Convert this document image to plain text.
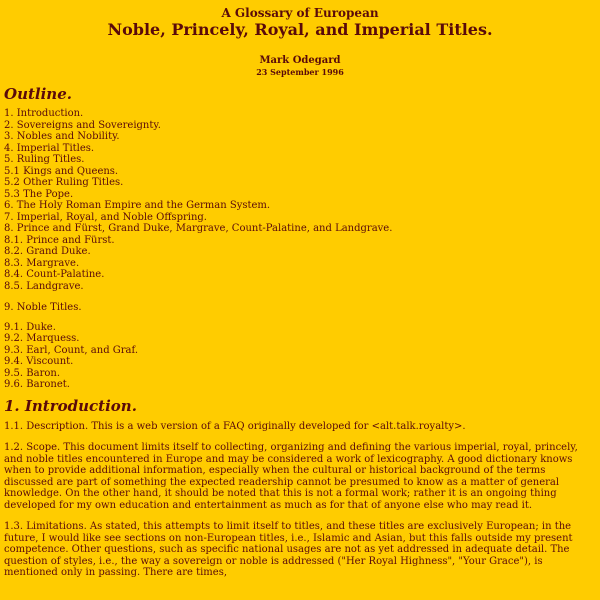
A Glossary of European
Noble, Princely, Royal, and Imperial Titles.
Mark Odegard
23 September 1996
Outline.
1. Introduction.
2. Sovereigns and Sovereignty.
3. Nobles and Nobility.
4. Imperial Titles.
5. Ruling Titles.
5.1 Kings and Queens.
5.2 Other Ruling Titles.
5.3 The Pope.
6. The Holy Roman Empire and the German System.
7. Imperial, Royal, and Noble Offspring.
8. Prince and Fürst, Grand Duke, Margrave, Count-Palatine, and Landgrave.
8.1. Prince and Fürst.
8.2. Grand Duke.
8.3. Margrave.
8.4. Count-Palatine.
8.5. Landgrave.
9. Noble Titles.
9.1. Duke.
9.2. Marquess.
9.3. Earl, Count, and Graf.
9.4. Viscount.
9.5. Baron.
9.6. Baronet.
1. Introduction.

1.1. Description. This is a web version of a FAQ originally developed for <alt.talk.royalty>.

1.2. Scope. This document limits itself to collecting, organizing and defining the various imperial, royal, princely, and noble titles encountered in Europe and may be considered a work of lexicography. A good dictionary knows when to provide additional information, especially when the cultural or historical background of the terms discussed are part of something the expected readership cannot be presumed to know as a matter of general knowledge. On the other hand, it should be noted that this is not a formal work; rather it is an ongoing thing developed for my own education and entertainment as much as for that of anyone else who may read it.

1.3. Limitations. As stated, this attempts to limit itself to titles, and these titles are exclusively European; in the future, I would like see sections on non-European titles, i.e., Islamic and Asian, but this falls outside my present competence. Other questions, such as specific national usages are not as yet addressed in adequate detail. The question of styles, i.e., the way a sovereign or noble is addressed ("Her Royal Highness", "Your Grace"), is mentioned only in passing. There are times,
